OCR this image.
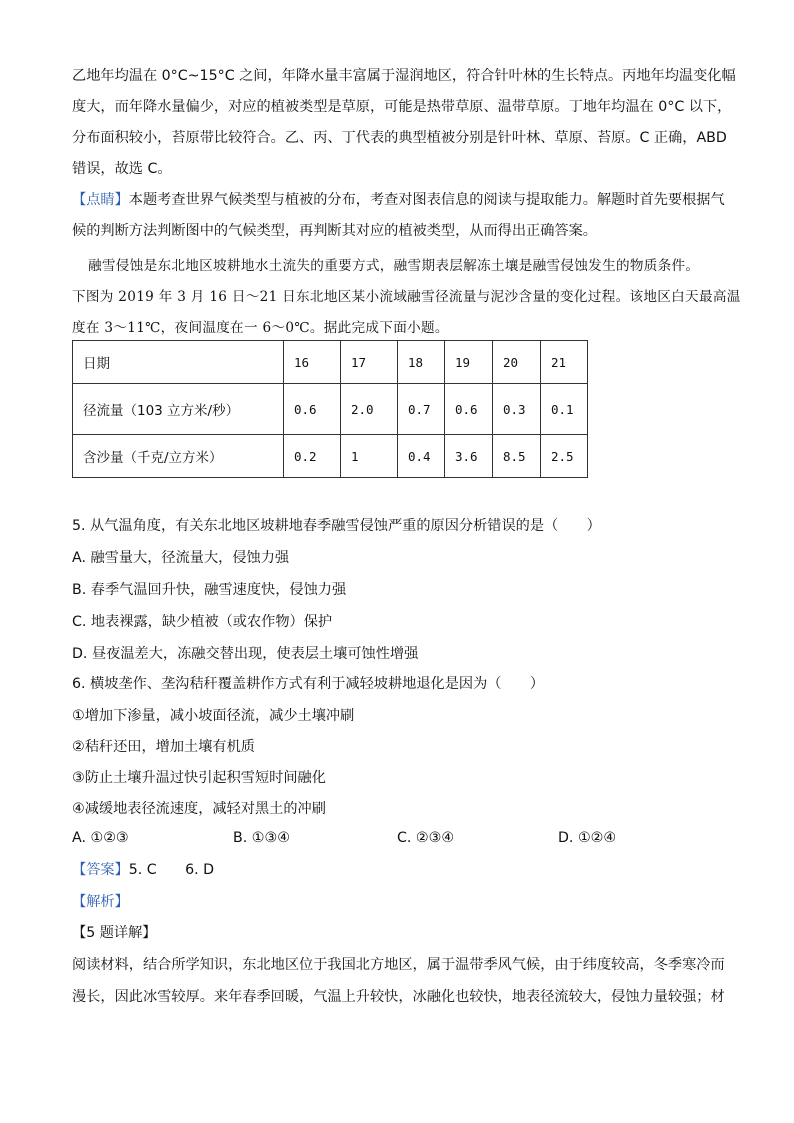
乙地年均温在 0°C~15°C 之间，年降水量丰富属于湿润地区，符合针叶林的生长特点。丙地年均温变化幅
度大，而年降水量偏少，对应的植被类型是草原，可能是热带草原、温带草原。丁地年均温在 0°C 以下，
分布面积较小，苔原带比较符合。乙、丙、丁代表的典型植被分别是针叶林、草原、苔原。C 正确，ABD
错误，故选 C。
【点睛】本题考查世界气候类型与植被的分布，考查对图表信息的阅读与提取能力。解题时首先要根据气
候的判断方法判断图中的气候类型，再判断其对应的植被类型，从而得出正确答案。
融雪侵蚀是东北地区坡耕地水土流失的重要方式，融雪期表层解冻土壤是融雪侵蚀发生的物质条件。
下图为 2019 年 3 月 16 日～21 日东北地区某小流域融雪径流量与泥沙含量的变化过程。该地区白天最高温
度在 3～11℃，夜间温度在一 6～0℃。据此完成下面小题。
日期	16	17	18	19	20	21
径流量（103 立方米/秒）	0.6	2.0	0.7	0.6	0.3	0.1
含沙量（千克/立方米）	0.2	1	0.4	3.6	8.5	2.5
5. 从气温角度，有关东北地区坡耕地春季融雪侵蚀严重的原因分析错误的是（　　）
A. 融雪量大，径流量大，侵蚀力强
B. 春季气温回升快，融雪速度快，侵蚀力强
C. 地表裸露，缺少植被（或农作物）保护
D. 昼夜温差大，冻融交替出现，使表层土壤可蚀性增强
6. 横坡垄作、垄沟秸秆覆盖耕作方式有利于减轻坡耕地退化是因为（　　）
①增加下渗量，减小坡面径流，减少土壤冲刷
②秸秆还田，增加土壤有机质
③防止土壤升温过快引起积雪短时间融化
④减缓地表径流速度，减轻对黑土的冲刷
A. ①②③	B. ①③④	C. ②③④	D. ①②④
【答案】5. C　　6. D
【解析】
【5 题详解】
阅读材料，结合所学知识，东北地区位于我国北方地区，属于温带季风气候，由于纬度较高，冬季寒冷而
漫长，因此冰雪较厚。来年春季回暖，气温上升较快，冰融化也较快，地表径流较大，侵蚀力量较强；材
